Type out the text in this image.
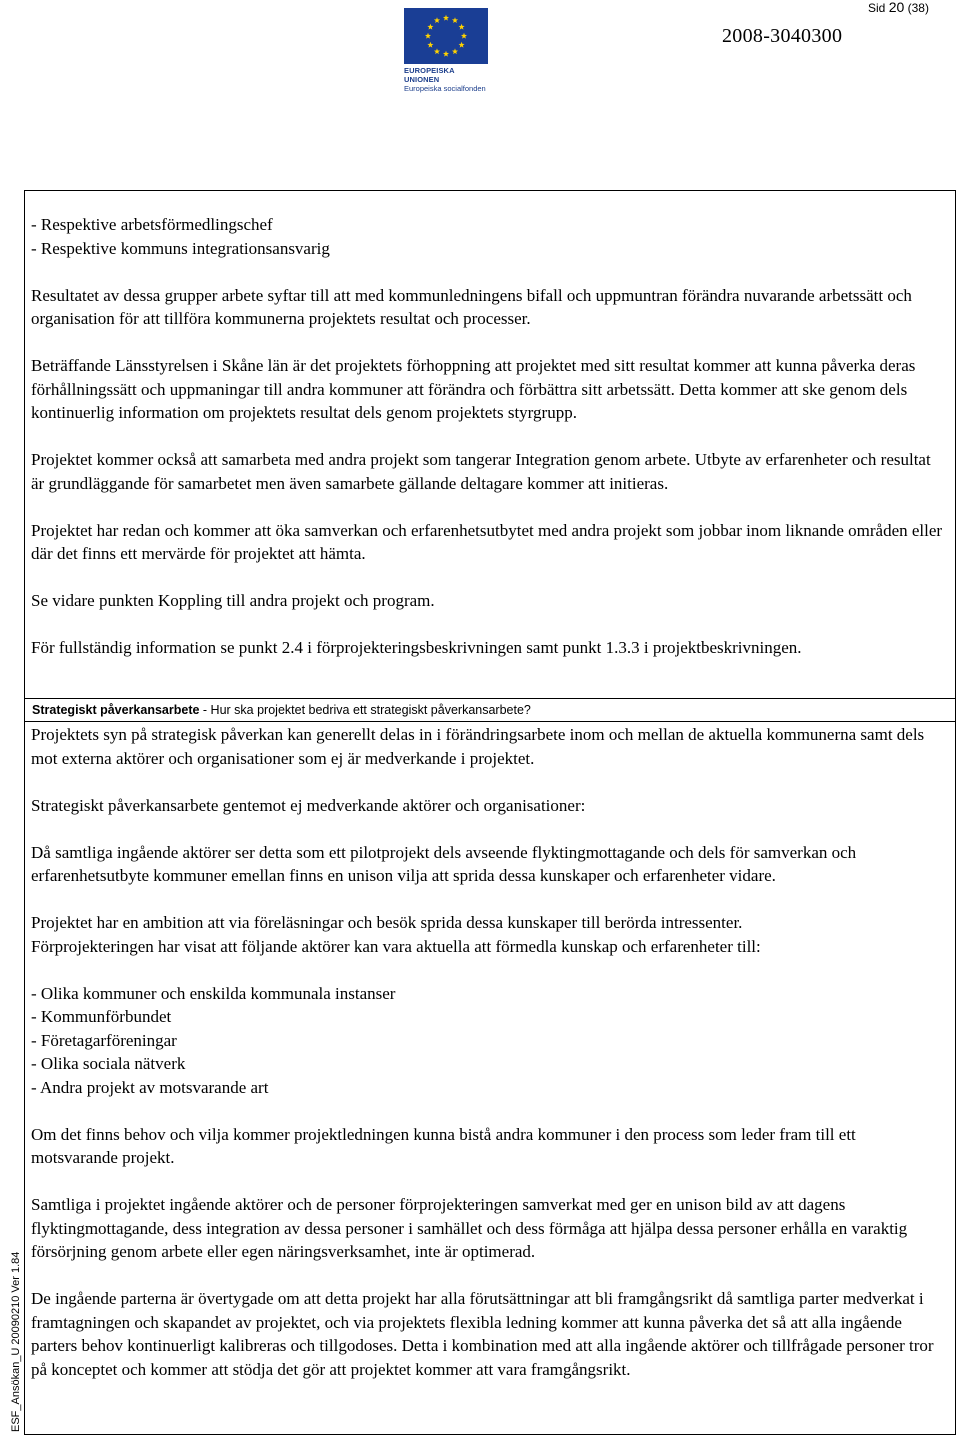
Sid 20 (38)
EUROPEISKA UNIONEN
Europeiska socialfonden
2008-3040300
ESF_Ansökan_U 20090210 Ver 1.84

- Respektive arbetsförmedlingschef

- Respektive kommuns integrationsansvarig

Resultatet av dessa grupper arbete syftar till att med kommunledningens bifall och uppmuntran förändra nuvarande arbetssätt och organisation för att tillföra kommunerna projektets resultat och processer.

Beträffande Länsstyrelsen i Skåne län är det projektets förhoppning att projektet med sitt resultat kommer att kunna påverka deras förhållningssätt och uppmaningar till andra kommuner att förändra och förbättra sitt arbetssätt. Detta kommer att ske genom dels kontinuerlig information om projektets resultat dels genom projektets styrgrupp.

Projektet kommer också att samarbeta med andra projekt som tangerar Integration genom arbete. Utbyte av erfarenheter och resultat är grundläggande för samarbetet men även samarbete gällande deltagare kommer att initieras.

Projektet har redan och kommer att öka samverkan och erfarenhetsutbytet med andra projekt som jobbar inom liknande områden eller där det finns ett mervärde för projektet att hämta.

Se vidare punkten Koppling till andra projekt och program.

För fullständig information se punkt 2.4 i förprojekteringsbeskrivningen samt punkt 1.3.3 i projektbeskrivningen.

Strategiskt påverkansarbete - Hur ska projektet bedriva ett strategiskt påverkansarbete?

Projektets syn på strategisk påverkan kan generellt delas in i förändringsarbete inom och mellan de aktuella kommunerna samt dels mot externa aktörer och organisationer som ej är medverkande i projektet.

Strategiskt påverkansarbete gentemot ej medverkande aktörer och organisationer:

Då samtliga ingående aktörer ser detta som ett pilotprojekt dels avseende flyktingmottagande och dels för samverkan och erfarenhetsutbyte kommuner emellan finns en unison vilja att sprida dessa kunskaper och erfarenheter vidare.

Projektet har en ambition att via föreläsningar och besök sprida dessa kunskaper till berörda intressenter.

Förprojekteringen har visat att följande aktörer kan vara aktuella att förmedla kunskap och erfarenheter till:

- Olika kommuner och enskilda kommunala instanser

- Kommunförbundet

- Företagarföreningar

- Olika sociala nätverk

- Andra projekt av motsvarande art

Om det finns behov och vilja kommer projektledningen kunna bistå andra kommuner i den process som leder fram till ett motsvarande projekt.

Samtliga i projektet ingående aktörer och de personer förprojekteringen samverkat med ger en unison bild av att dagens flyktingmottagande, dess integration av dessa personer i samhället och dess förmåga att hjälpa dessa personer erhålla en varaktig försörjning genom arbete eller egen näringsverksamhet, inte är optimerad.

De ingående parterna är övertygade om att detta projekt har alla förutsättningar att bli framgångsrikt då samtliga parter medverkat i framtagningen och skapandet av projektet, och via projektets flexibla ledning kommer att kunna påverka det så att alla ingående parters behov kontinuerligt kalibreras och tillgodoses. Detta i kombination med att alla ingående aktörer och tillfrågade personer tror på konceptet och kommer att stödja det gör att projektet kommer att vara framgångsrikt.
